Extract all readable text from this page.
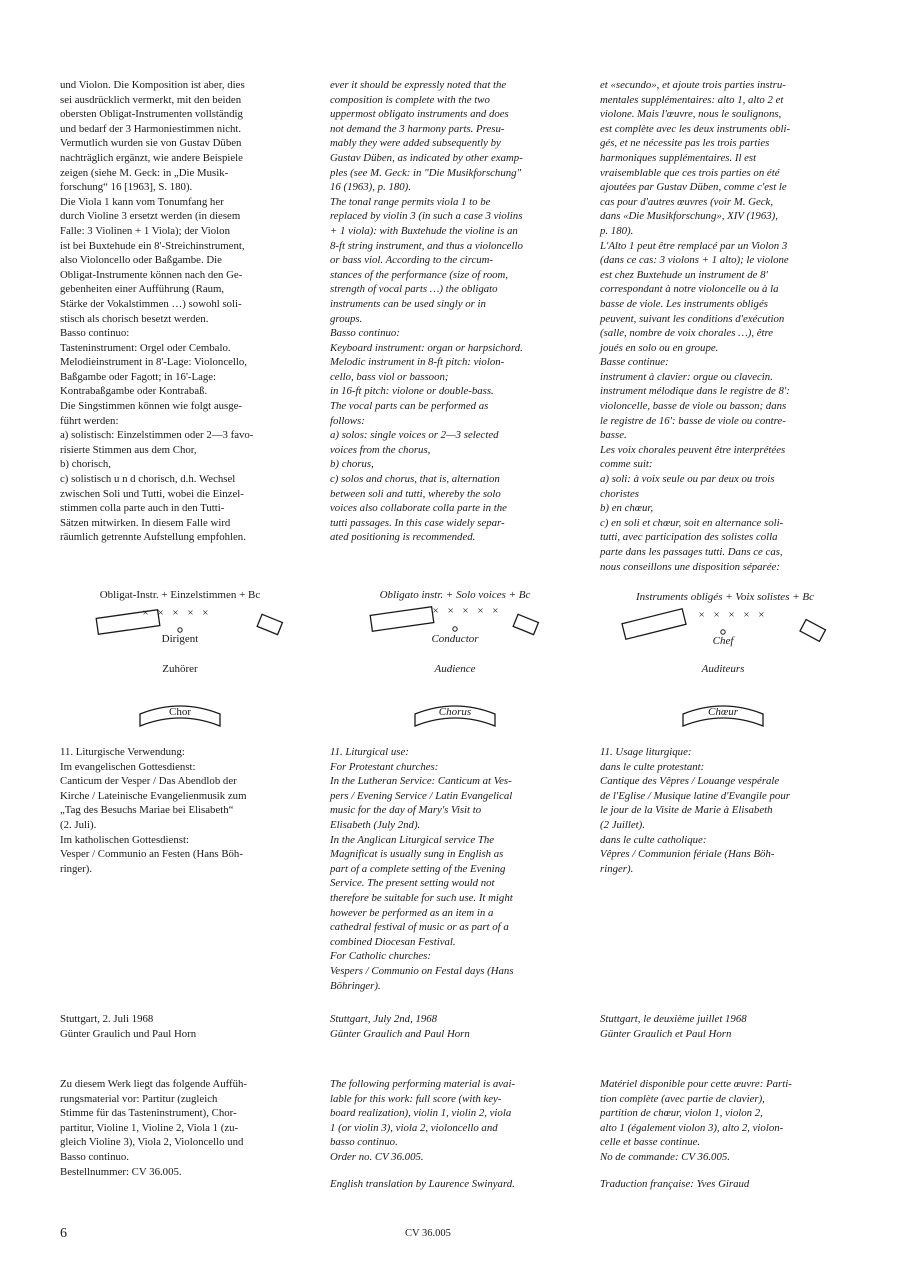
und Violon. Die Komposition ist aber, dies
sei ausdrücklich vermerkt, mit den beiden
obersten Obligat-Instrumenten vollständig
und bedarf der 3 Harmoniestimmen nicht.
Vermutlich wurden sie von Gustav Düben
nachträglich ergänzt, wie andere Beispiele
zeigen (siehe M. Geck: in „Die Musik-
forschung“ 16 [1963], S. 180).
Die Viola 1 kann vom Tonumfang her
durch Violine 3 ersetzt werden (in diesem
Falle: 3 Violinen + 1 Viola); der Violon
ist bei Buxtehude ein 8'-Streichinstrument,
also Violoncello oder Baßgambe. Die
Obligat-Instrumente können nach den Ge-
gebenheiten einer Aufführung (Raum,
Stärke der Vokalstimmen …) sowohl soli-
stisch als chorisch besetzt werden.
Basso continuo:
Tasteninstrument: Orgel oder Cembalo.
Melodieinstrument in 8'-Lage: Violoncello,
Baßgambe oder Fagott; in 16'-Lage:
Kontrabaßgambe oder Kontrabaß.
Die Singstimmen können wie folgt ausge-
führt werden:
a) solistisch: Einzelstimmen oder 2—3 favo-
risierte Stimmen aus dem Chor,
b) chorisch,
c) solistisch u n d chorisch, d.h. Wechsel
zwischen Soli und Tutti, wobei die Einzel-
stimmen colla parte auch in den Tutti-
Sätzen mitwirken. In diesem Falle wird
räumlich getrennte Aufstellung empfohlen.

11. Liturgische Verwendung:
Im evangelischen Gottesdienst:
Canticum der Vesper / Das Abendlob der
Kirche / Lateinische Evangelienmusik zum
„Tag des Besuchs Mariae bei Elisabeth“
(2. Juli).
Im katholischen Gottesdienst:
Vesper / Communio an Festen (Hans Böh-
ringer).

Stuttgart, 2. Juli 1968
Günter Graulich und Paul Horn

Zu diesem Werk liegt das folgende Auffüh-
rungsmaterial vor: Partitur (zugleich
Stimme für das Tasteninstrument), Chor-
partitur, Violine 1, Violine 2, Viola 1 (zu-
gleich Violine 3), Viola 2, Violoncello und
Basso continuo.
Bestellnummer: CV 36.005.

ever it should be expressly noted that the
composition is complete with the two
uppermost obligato instruments and does
not demand the 3 harmony parts. Presu-
mably they were added subsequently by
Gustav Düben, as indicated by other examp-
ples (see M. Geck: in "Die Musikforschung"
16 (1963), p. 180).
The tonal range permits viola 1 to be
replaced by violin 3 (in such a case 3 violins
+ 1 viola): with Buxtehude the violine is an
8-ft string instrument, and thus a violoncello
or bass viol. According to the circum-
stances of the performance (size of room,
strength of vocal parts …) the obligato
instruments can be used singly or in
groups.
Basso continuo:
Keyboard instrument: organ or harpsichord.
Melodic instrument in 8-ft pitch: violon-
cello, bass viol or bassoon;
in 16-ft pitch: violone or double-bass.
The vocal parts can be performed as
follows:
a) solos: single voices or 2—3 selected
voices from the chorus,
b) chorus,
c) solos and chorus, that is, alternation
between soli and tutti, whereby the solo
voices also collaborate colla parte in the
tutti passages. In this case widely separ-
ated positioning is recommended.

11. Liturgical use:
For Protestant churches:
In the Lutheran Service: Canticum at Ves-
pers / Evening Service / Latin Evangelical
music for the day of Mary's Visit to
Elisabeth (July 2nd).
In the Anglican Liturgical service The
Magnificat is usually sung in English as
part of a complete setting of the Evening
Service. The present setting would not
therefore be suitable for such use. It might
however be performed as an item in a
cathedral festival of music or as part of a
combined Diocesan Festival.
For Catholic churches:
Vespers / Communio on Festal days (Hans
Böhringer).

Stuttgart, July 2nd, 1968
Günter Graulich and Paul Horn

The following performing material is avai-
lable for this work: full score (with key-
board realization), violin 1, violin 2, viola
1 (or violin 3), viola 2, violoncello and
basso continuo.
Order no. CV 36.005.

English translation by Laurence Swinyard.

et «secundo», et ajoute trois parties instru-
mentales supplémentaires: alto 1, alto 2 et
violone. Mais l'œuvre, nous le soulignons,
est complète avec les deux instruments obli-
gés, et ne nécessite pas les trois parties
harmoniques supplémentaires. Il est
vraisemblable que ces trois parties on été
ajoutées par Gustav Düben, comme c'est le
cas pour d'autres œuvres (voir M. Geck,
dans «Die Musikforschung», XIV (1963),
p. 180).
L'Alto 1 peut être remplacé par un Violon 3
(dans ce cas: 3 violons + 1 alto); le violone
est chez Buxtehude un instrument de 8'
correspondant à notre violoncelle ou à la
basse de viole. Les instruments obligés
peuvent, suivant les conditions d'exécution
(salle, nombre de voix chorales …), être
joués en solo ou en groupe.
Basse continue:
instrument à clavier: orgue ou clavecin.
instrument mélodique dans le registre de 8':
violoncelle, basse de viole ou basson; dans
le registre de 16': basse de viole ou contre-
basse.
Les voix chorales peuvent être interprétées
comme suit:
a) soli: à voix seule ou par deux ou trois
choristes
b) en chœur,
c) en soli et chœur, soit en alternance soli-
tutti, avec participation des solistes colla
parte dans les passages tutti. Dans ce cas,
nous conseillons une disposition séparée:

11. Usage liturgique:
dans le culte protestant:
Cantique des Vêpres / Louange vespérale
de l'Eglise / Musique latine d'Evangile pour
le jour de la Visite de Marie à Elisabeth
(2 Juillet).
dans le culte catholique:
Vêpres / Communion fériale (Hans Böh-
ringer).

Stuttgart, le deuxième juillet 1968
Günter Graulich et Paul Horn

Matériel disponible pour cette œuvre: Parti-
tion complète (avec partie de clavier),
partition de chœur, violon 1, violon 2,
alto 1 (également violon 3), alto 2, violon-
celle et basse continue.
No de commande: CV 36.005.

Traduction française: Yves Giraud

Obligat-Instr. + Einzelstimmen + Bc
× × × × ×
Dirigent
Zuhörer
Chor
Obligato instr. + Solo voices + Bc
× × × × ×
Conductor
Audience
Chorus
Instruments obligés + Voix solistes + Bc
× × × × ×
Chef
Auditeurs
Chœur
6	CV 36.005
